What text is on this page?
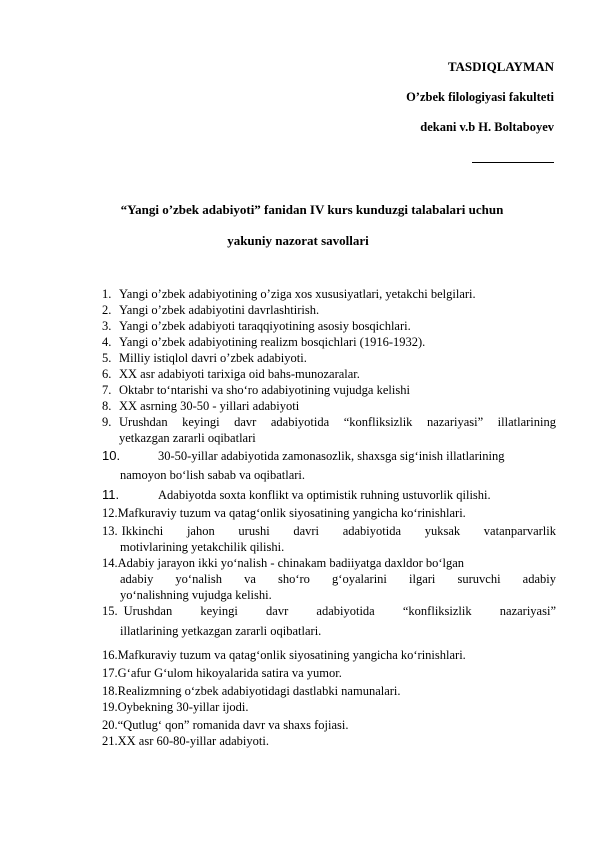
TASDIQLAYMAN
O’zbek filologiyasi fakulteti
dekani v.b H. Boltaboyev
“Yangi o’zbek adabiyoti” fanidan IV kurs kunduzgi talabalari uchun
yakuniy nazorat savollari
1. Yangi o’zbek adabiyotining o’ziga xos xususiyatlari, yetakchi belgilari.
2. Yangi o’zbek adabiyotini davrlashtirish.
3. Yangi o’zbek adabiyoti taraqqiyotining asosiy bosqichlari.
4. Yangi o’zbek adabiyotining realizm bosqichlari (1916-1932).
5. Milliy istiqlol davri o’zbek adabiyoti.
6. XX asr adabiyoti tarixiga oid bahs-munozaralar.
7. Oktabr to‘ntarishi va sho‘ro adabiyotining vujudga kelishi
8. XX asrning 30-50 - yillari adabiyoti
9. Urushdan keyingi davr adabiyotida “konfliksizlik nazariyasi” illatlarining
yetkazgan zararli oqibatlari
10.	30-50-yillar adabiyotida zamonasozlik, shaxsga sig‘inish illatlarining
namoyon bo‘lish sabab va oqibatlari.
11.	Adabiyotda soxta konflikt va optimistik ruhning ustuvorlik qilishi.
12. Mafkuraviy tuzum va qatag‘onlik siyosatining yangicha ko‘rinishlari.
13. Ikkinchi jahon urushi davri adabiyotida yuksak vatanparvarlik
motivlarining yetakchilik qilishi.
14. Adabiy jarayon ikki yo‘nalish - chinakam badiiyatga daxldor bo‘lgan
adabiy yo‘nalish va sho‘ro g‘oyalarini ilgari suruvchi adabiy
yo‘nalishning vujudga kelishi.
15. Urushdan keyingi davr adabiyotida “konfliksizlik nazariyasi”
illatlarining yetkazgan zararli oqibatlari.
16. Mafkuraviy tuzum va qatag‘onlik siyosatining yangicha ko‘rinishlari.
17. G‘afur G‘ulom hikoyalarida satira va yumor.
18. Realizmning o‘zbek adabiyotidagi dastlabki namunalari.
19. Oybekning 30-yillar ijodi.
20. “Qutlug‘ qon” romanida davr va shaxs fojiasi.
21. XX asr 60-80-yillar adabiyoti.
